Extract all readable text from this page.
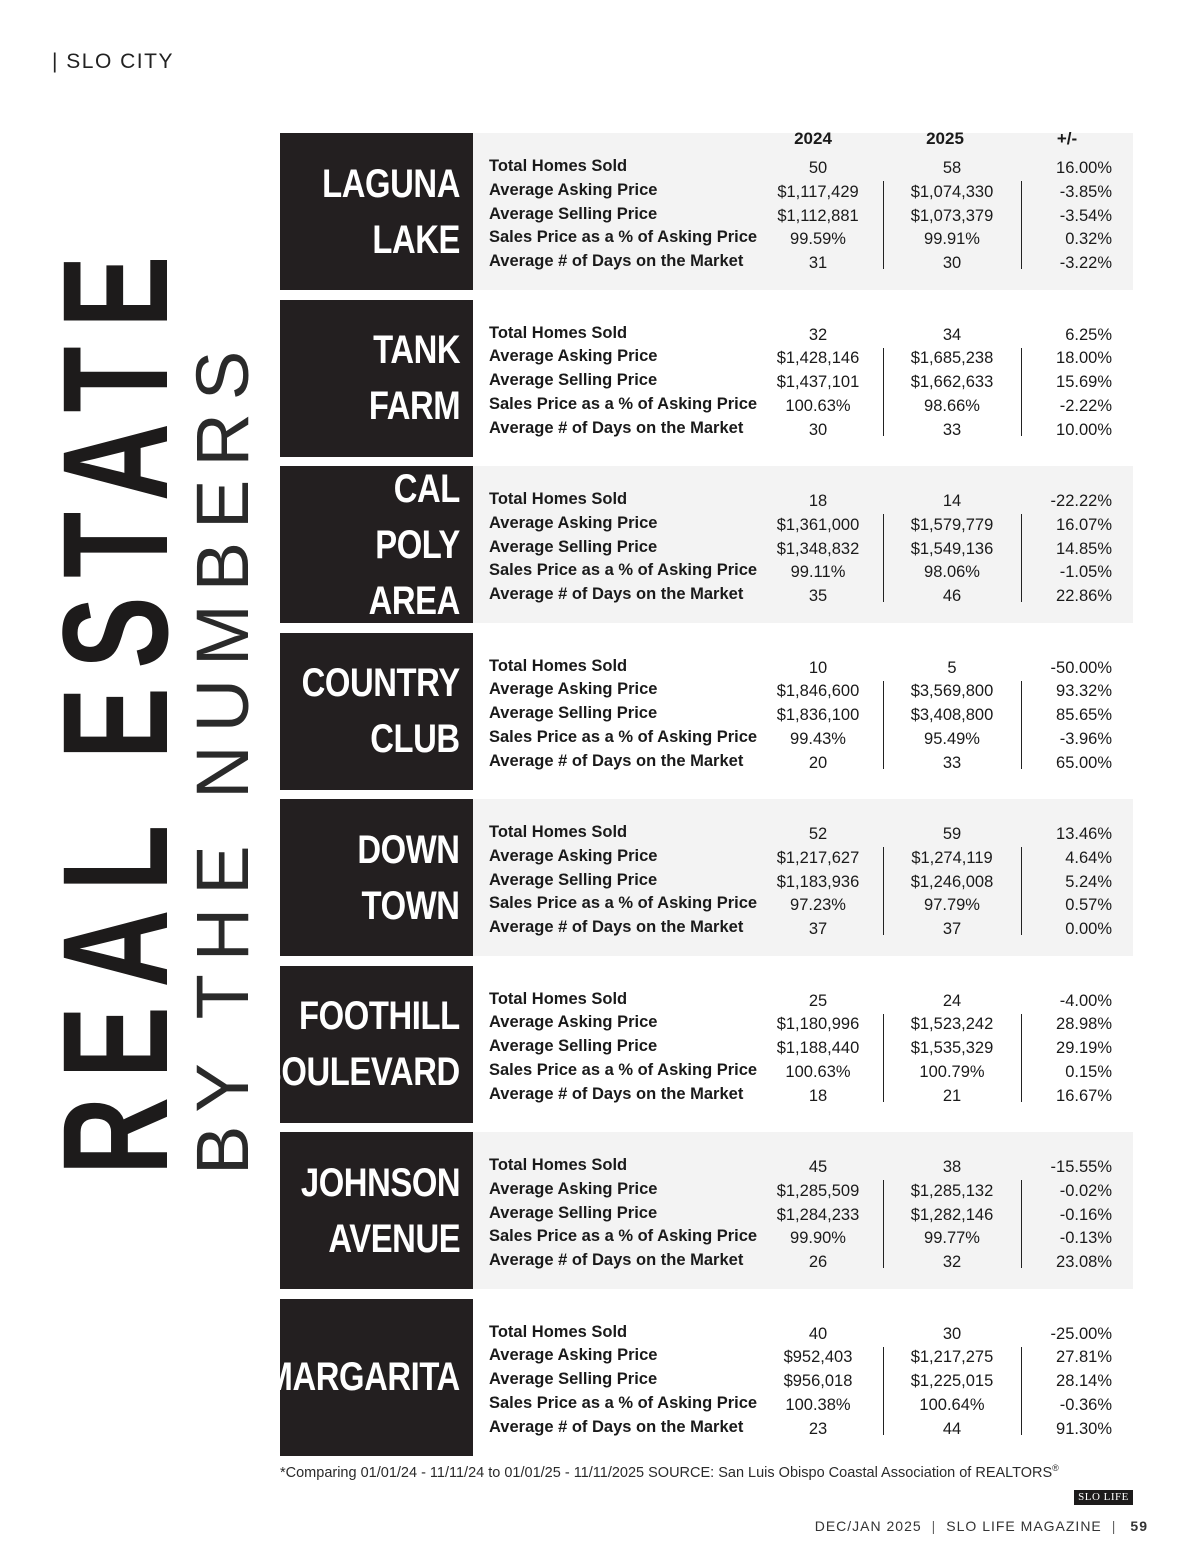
| SLO CITY
REAL ESTATE
BY THE NUMBERS
LAGUNA
LAKE
2024	2025	+/-
Total Homes Sold
Average Asking Price
Average Selling Price
Sales Price as a % of Asking Price
Average # of Days on the Market
50
$1,117,429
$1,112,881
99.59%
31
58
$1,074,330
$1,073,379
99.91%
30
16.00%
-3.85%
-3.54%
0.32%
-3.22%
TANK
FARM
Total Homes Sold
Average Asking Price
Average Selling Price
Sales Price as a % of Asking Price
Average # of Days on the Market
32
$1,428,146
$1,437,101
100.63%
30
34
$1,685,238
$1,662,633
98.66%
33
6.25%
18.00%
15.69%
-2.22%
10.00%
CAL POLY
AREA
Total Homes Sold
Average Asking Price
Average Selling Price
Sales Price as a % of Asking Price
Average # of Days on the Market
18
$1,361,000
$1,348,832
99.11%
35
14
$1,579,779
$1,549,136
98.06%
46
-22.22%
16.07%
14.85%
-1.05%
22.86%
COUNTRY
CLUB
Total Homes Sold
Average Asking Price
Average Selling Price
Sales Price as a % of Asking Price
Average # of Days on the Market
10
$1,846,600
$1,836,100
99.43%
20
5
$3,569,800
$3,408,800
95.49%
33
-50.00%
93.32%
85.65%
-3.96%
65.00%
DOWN
TOWN
Total Homes Sold
Average Asking Price
Average Selling Price
Sales Price as a % of Asking Price
Average # of Days on the Market
52
$1,217,627
$1,183,936
97.23%
37
59
$1,274,119
$1,246,008
97.79%
37
13.46%
4.64%
5.24%
0.57%
0.00%
FOOTHILL
BOULEVARD
Total Homes Sold
Average Asking Price
Average Selling Price
Sales Price as a % of Asking Price
Average # of Days on the Market
25
$1,180,996
$1,188,440
100.63%
18
24
$1,523,242
$1,535,329
100.79%
21
-4.00%
28.98%
29.19%
0.15%
16.67%
JOHNSON
AVENUE
Total Homes Sold
Average Asking Price
Average Selling Price
Sales Price as a % of Asking Price
Average # of Days on the Market
45
$1,285,509
$1,284,233
99.90%
26
38
$1,285,132
$1,282,146
99.77%
32
-15.55%
-0.02%
-0.16%
-0.13%
23.08%
MARGARITA
Total Homes Sold
Average Asking Price
Average Selling Price
Sales Price as a % of Asking Price
Average # of Days on the Market
40
$952,403
$956,018
100.38%
23
30
$1,217,275
$1,225,015
100.64%
44
-25.00%
27.81%
28.14%
-0.36%
91.30%
*Comparing 01/01/24 - 11/11/24 to 01/01/25 - 11/11/2025 SOURCE: San Luis Obispo Coastal Association of REALTORS®
SLO LIFE
DEC/JAN 2025 | SLO LIFE MAGAZINE | 59
